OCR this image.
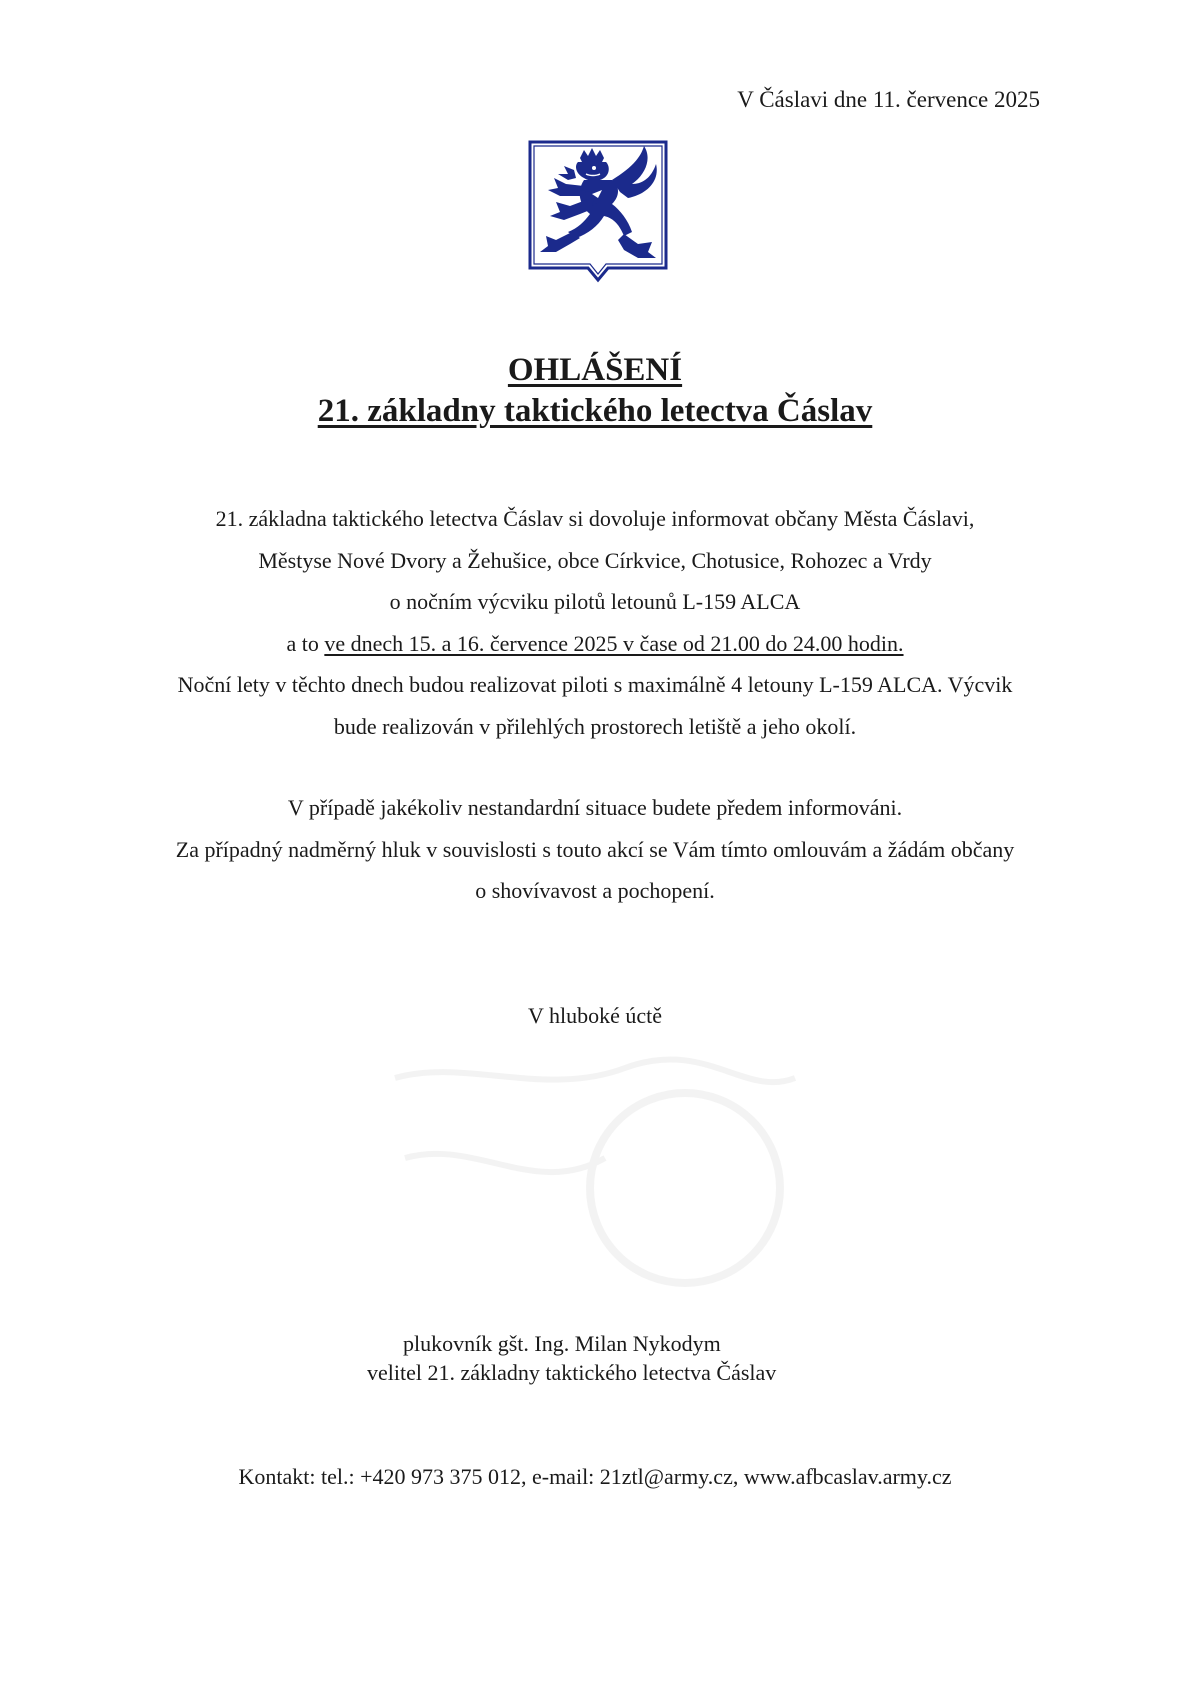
V Čáslavi dne 11. července 2025
OHLÁŠENÍ
21. základny taktického letectva Čáslav

21. základna taktického letectva Čáslav si dovoluje informovat občany Města Čáslavi,

Městyse Nové Dvory a Žehušice, obce Církvice, Chotusice, Rohozec a Vrdy

o nočním výcviku pilotů letounů L-159 ALCA

a to ve dnech 15. a 16. července 2025 v čase od 21.00 do 24.00 hodin.

Noční lety v těchto dnech budou realizovat piloti s maximálně 4 letouny L-159 ALCA. Výcvik

bude realizován v přilehlých prostorech letiště a jeho okolí.

V případě jakékoliv nestandardní situace budete předem informováni.

Za případný nadměrný hluk v souvislosti s touto akcí se Vám tímto omlouvám a žádám občany

o shovívavost a pochopení.

V hluboké úctě
plukovník gšt. Ing. Milan Nykodym
velitel 21. základny taktického letectva Čáslav
Kontakt: tel.: +420 973 375 012, e-mail: 21ztl@army.cz, www.afbcaslav.army.cz
